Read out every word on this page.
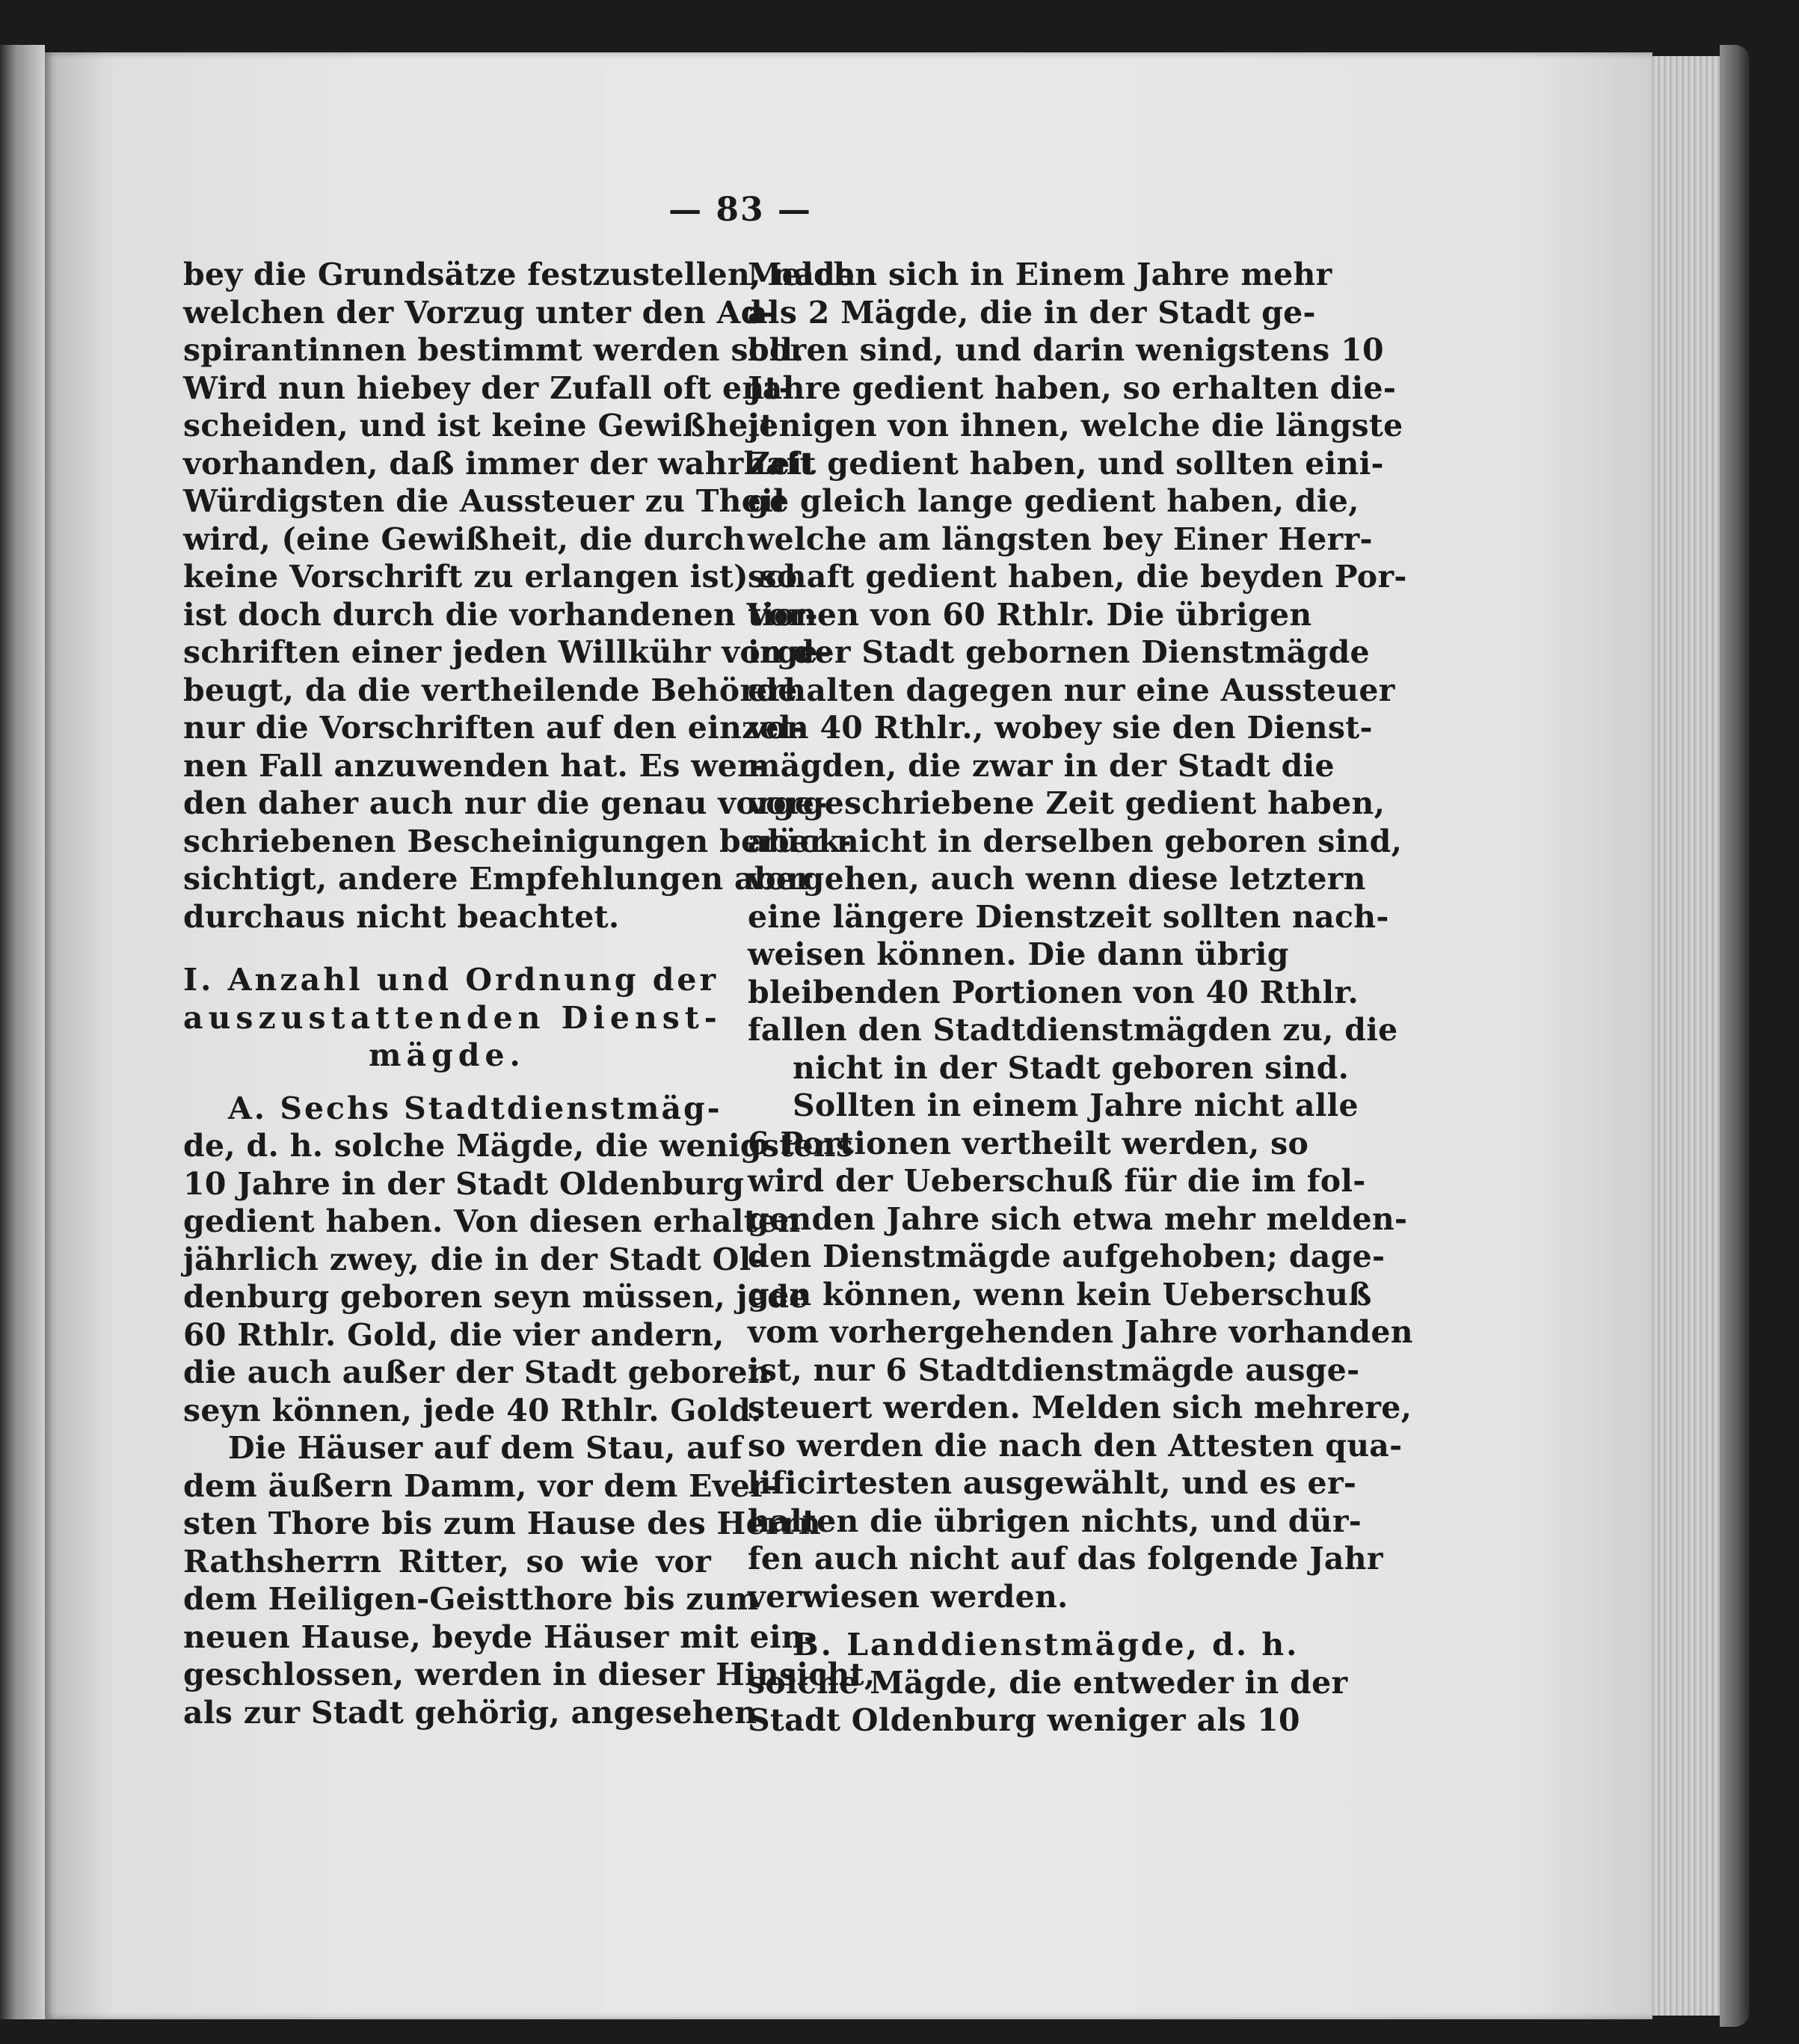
— 83 —
bey die Grundsätze festzustellen, nach
welchen der Vorzug unter den Ad-
spirantinnen bestimmt werden soll.
Wird nun hiebey der Zufall oft ent-
scheiden, und ist keine Gewißheit
vorhanden, daß immer der wahrhaft
Würdigsten die Aussteuer zu Theil
wird, (eine Gewißheit, die durch
keine Vorschrift zu erlangen ist) so
ist doch durch die vorhandenen Vor-
schriften einer jeden Willkühr vorge-
beugt, da die vertheilende Behörde
nur die Vorschriften auf den einzel-
nen Fall anzuwenden hat. Es wer-
den daher auch nur die genau vorge-
schriebenen Bescheinigungen berück-
sichtigt, andere Empfehlungen aber
durchaus nicht beachtet.
I. Anzahl und Ordnung der
auszustattenden Dienst-
mägde.
A. Sechs Stadtdienstmäg-
de, d. h. solche Mägde, die wenigstens
10 Jahre in der Stadt Oldenburg
gedient haben. Von diesen erhalten
jährlich zwey, die in der Stadt Ol-
denburg geboren seyn müssen, jede
60 Rthlr. Gold, die vier andern,
die auch außer der Stadt geboren
seyn können, jede 40 Rthlr. Gold.
Die Häuser auf dem Stau, auf
dem äußern Damm, vor dem Ever-
sten Thore bis zum Hause des Herrn
Rathsherrn Ritter, so wie vor
dem Heiligen-Geistthore bis zum
neuen Hause, beyde Häuser mit ein-
geschlossen, werden in dieser Hinsicht,
als zur Stadt gehörig, angesehen.
Melden sich in Einem Jahre mehr
als 2 Mägde, die in der Stadt ge-
boren sind, und darin wenigstens 10
Jahre gedient haben, so erhalten die-
jenigen von ihnen, welche die längste
Zeit gedient haben, und sollten eini-
ge gleich lange gedient haben, die,
welche am längsten bey Einer Herr-
schaft gedient haben, die beyden Por-
tionen von 60 Rthlr. Die übrigen
in der Stadt gebornen Dienstmägde
erhalten dagegen nur eine Aussteuer
von 40 Rthlr., wobey sie den Dienst-
mägden, die zwar in der Stadt die
vorgeschriebene Zeit gedient haben,
aber nicht in derselben geboren sind,
vorgehen, auch wenn diese letztern
eine längere Dienstzeit sollten nach-
weisen können. Die dann übrig
bleibenden Portionen von 40 Rthlr.
fallen den Stadtdienstmägden zu, die
nicht in der Stadt geboren sind.
Sollten in einem Jahre nicht alle
6 Portionen vertheilt werden, so
wird der Ueberschuß für die im fol-
genden Jahre sich etwa mehr melden-
den Dienstmägde aufgehoben; dage-
gen können, wenn kein Ueberschuß
vom vorhergehenden Jahre vorhanden
ist, nur 6 Stadtdienstmägde ausge-
steuert werden. Melden sich mehrere,
so werden die nach den Attesten qua-
lificirtesten ausgewählt, und es er-
halten die übrigen nichts, und dür-
fen auch nicht auf das folgende Jahr
verwiesen werden.
B. Landdienstmägde, d. h.
solche Mägde, die entweder in der
Stadt Oldenburg weniger als 10
